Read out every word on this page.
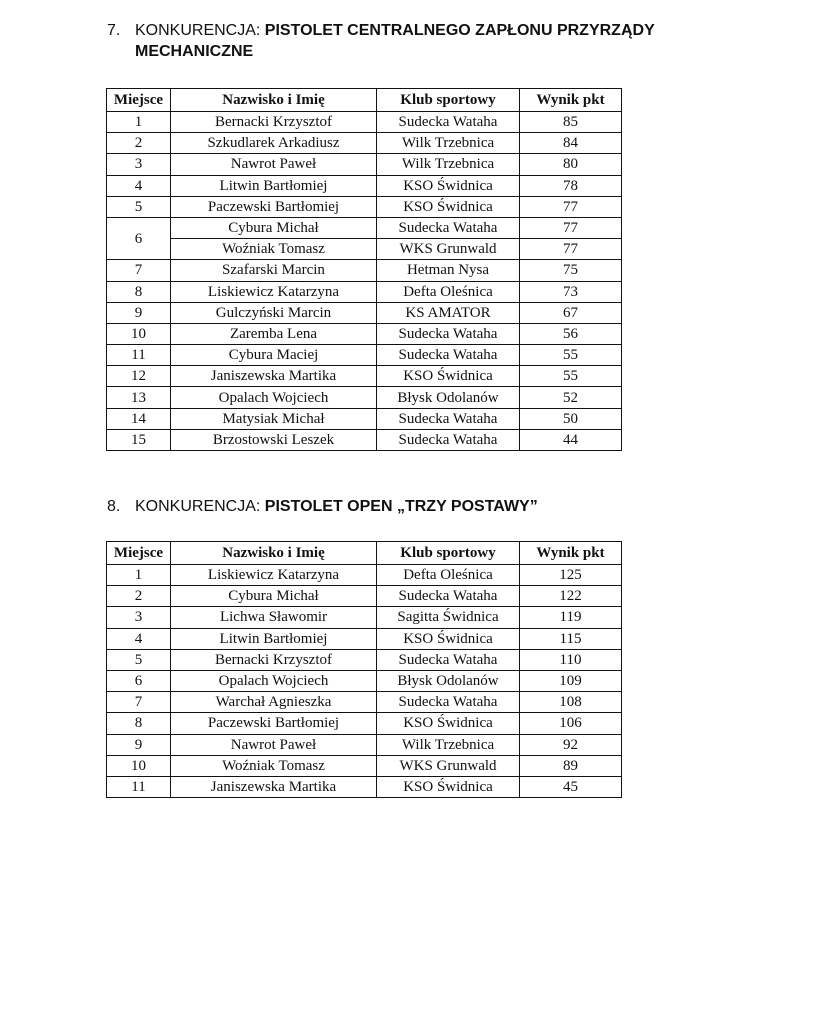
7. KONKURENCJA: PISTOLET CENTRALNEGO ZAPŁONU PRZYRZĄDY
MECHANICZNE
Miejsce	Nazwisko i Imię	Klub sportowy	Wynik pkt
1	Bernacki Krzysztof	Sudecka Wataha	85
2	Szkudlarek Arkadiusz	Wilk Trzebnica	84
3	Nawrot Paweł	Wilk Trzebnica	80
4	Litwin Bartłomiej	KSO Świdnica	78
5	Paczewski Bartłomiej	KSO Świdnica	77
6	Cybura Michał	Sudecka Wataha	77
	Woźniak Tomasz	WKS Grunwald	77
7	Szafarski Marcin	Hetman Nysa	75
8	Liskiewicz Katarzyna	Defta Oleśnica	73
9	Gulczyński Marcin	KS AMATOR	67
10	Zaremba Lena	Sudecka Wataha	56
11	Cybura Maciej	Sudecka Wataha	55
12	Janiszewska Martika	KSO Świdnica	55
13	Opalach Wojciech	Błysk Odolanów	52
14	Matysiak Michał	Sudecka Wataha	50
15	Brzostowski Leszek	Sudecka Wataha	44
8. KONKURENCJA: PISTOLET OPEN „TRZY POSTAWY”
Miejsce	Nazwisko i Imię	Klub sportowy	Wynik pkt
1	Liskiewicz Katarzyna	Defta Oleśnica	125
2	Cybura Michał	Sudecka Wataha	122
3	Lichwa Sławomir	Sagitta Świdnica	119
4	Litwin Bartłomiej	KSO Świdnica	115
5	Bernacki Krzysztof	Sudecka Wataha	110
6	Opalach Wojciech	Błysk Odolanów	109
7	Warchał Agnieszka	Sudecka Wataha	108
8	Paczewski Bartłomiej	KSO Świdnica	106
9	Nawrot Paweł	Wilk Trzebnica	92
10	Woźniak Tomasz	WKS Grunwald	89
11	Janiszewska Martika	KSO Świdnica	45
